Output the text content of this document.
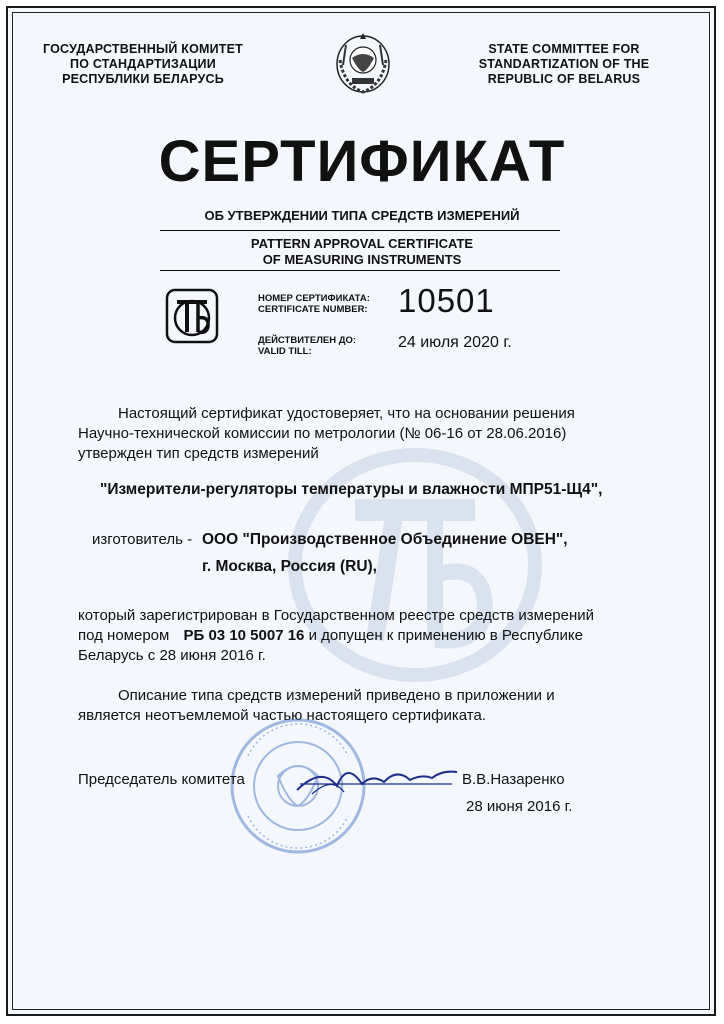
ГОСУДАРСТВЕННЫЙ КОМИТЕТ
ПО СТАНДАРТИЗАЦИИ
РЕСПУБЛИКИ БЕЛАРУСЬ
STATE COMMITTEE FOR
STANDARTIZATION OF THE
REPUBLIC OF BELARUS
СЕРТИФИКАТ
ОБ УТВЕРЖДЕНИИ ТИПА СРЕДСТВ ИЗМЕРЕНИЙ
PATTERN APPROVAL CERTIFICATE
OF MEASURING INSTRUMENTS
НОМЕР СЕРТИФИКАТА:
CERTIFICATE NUMBER: 10501
ДЕЙСТВИТЕЛЕН ДО:
VALID TILL:
24 июля 2020 г.
Настоящий сертификат удостоверяет, что на основании решения
Научно-технической комиссии по метрологии (№ 06-16 от 28.06.2016)
утвержден тип средств измерений
"Измерители-регуляторы температуры и влажности МПР51-Щ4",
изготовитель - ООО "Производственное Объединение ОВЕН",
г. Москва, Россия (RU),
который зарегистрирован в Государственном реестре средств измерений
под номером РБ 03 10 5007 16 и допущен к применению в Республике
Беларусь с 28 июня 2016 г.
Описание типа средств измерений приведено в приложении и
является неотъемлемой частью настоящего сертификата.
Председатель комитета	В.В.Назаренко
28 июня 2016 г.
